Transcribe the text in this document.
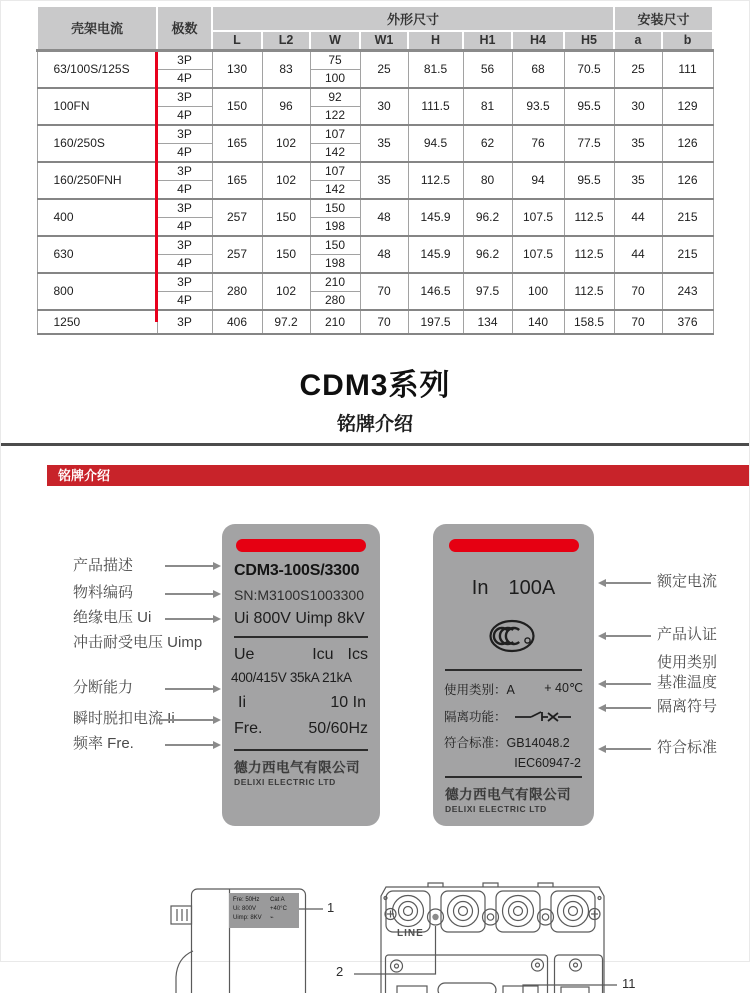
壳架电流	极数	外形尺寸								安装尺寸	
		L	L2	W	W1	H	H1	H4	H5	a	b
63/100S/125S	3P	130	83	75	25	81.5	56	68	70.5	25	111
	4P			100							
100FN	3P	150	96	92	30	111.5	81	93.5	95.5	30	129
	4P			122							
160/250S	3P	165	102	107	35	94.5	62	76	77.5	35	126
	4P			142							
160/250FNH	3P	165	102	107	35	112.5	80	94	95.5	35	126
	4P			142							
400	3P	257	150	150	48	145.9	96.2	107.5	112.5	44	215
	4P			198							
630	3P	257	150	150	48	145.9	96.2	107.5	112.5	44	215
	4P			198							
800	3P	280	102	210	70	146.5	97.5	100	112.5	70	243
	4P			280							
1250	3P	406	97.2	210	70	197.5	134	140	158.5	70	376
CDM3系列
铭牌介绍
铭牌介绍
产品描述
物料编码
绝缘电压 Ui
冲击耐受电压 Uimp
分断能力
瞬时脱扣电流 Ii
频率 Fre.
CDM3-100S/3300
SN:M3100S1003300
Ui 800V Uimp 8kV
Ue	Icu Ics
400/415V 35kA 21kA
Ii	10 In
Fre.	50/60Hz
德力西电气有限公司
DELIXI ELECTRIC LTD
In 100A
使用类别：A + 40℃
隔离功能：
符合标准：GB14048.2
IEC60947-2
德力西电气有限公司
DELIXI ELECTRIC LTD
额定电流
产品认证
使用类别
基准温度
隔离符号
符合标准
Fre: 50Hz	Cat A
Ui: 800V	+40°C
Uimp: 8KV	⌁
LINE
1
2
11
